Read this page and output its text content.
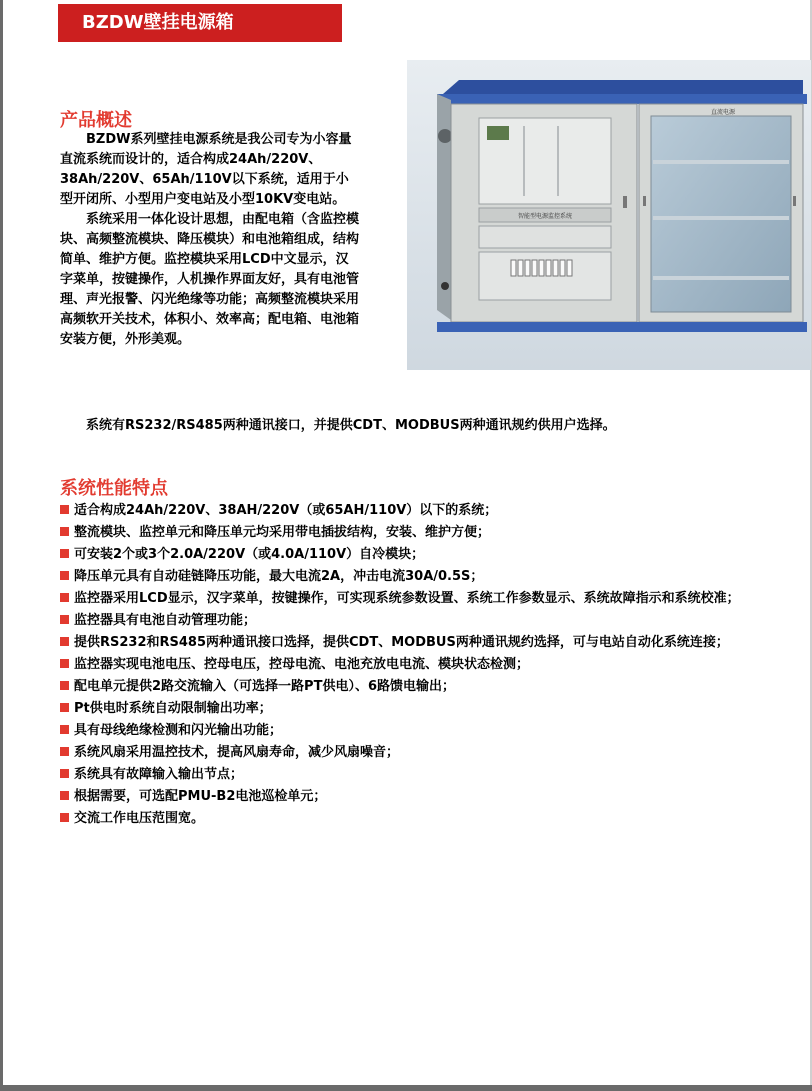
BZDW壁挂电源箱
产品概述

BZDW系列壁挂电源系统是我公司专为小容量直流系统而设计的，适合构成24Ah/220V、38Ah/220V、65Ah/110V以下系统，适用于小型开闭所、小型用户变电站及小型10KV变电站。

系统采用一体化设计思想，由配电箱（含监控模块、高频整流模块、降压模块）和电池箱组成，结构简单、维护方便。监控模块采用LCD中文显示，汉字菜单，按键操作，人机操作界面友好，具有电池管理、声光报警、闪光绝缘等功能；高频整流模块采用高频软开关技术，体积小、效率高；配电箱、电池箱安装方便，外形美观。

系统有RS232/RS485两种通讯接口，并提供CDT、MODBUS两种通讯规约供用户选择。
智能型电源监控系统
直流电源
系统性能特点
适合构成24Ah/220V、38AH/220V（或65AH/110V）以下的系统；
整流模块、监控单元和降压单元均采用带电插拔结构，安装、维护方便；
可安装2个或3个2.0A/220V（或4.0A/110V）自冷模块；
降压单元具有自动硅链降压功能，最大电流2A，冲击电流30A/0.5S；
监控器采用LCD显示，汉字菜单，按键操作，可实现系统参数设置、系统工作参数显示、系统故障指示和系统校准；
监控器具有电池自动管理功能；
提供RS232和RS485两种通讯接口选择，提供CDT、MODBUS两种通讯规约选择，可与电站自动化系统连接；
监控器实现电池电压、控母电压，控母电流、电池充放电电流、模块状态检测；
配电单元提供2路交流输入（可选择一路PT供电）、6路馈电输出；
Pt供电时系统自动限制输出功率；
具有母线绝缘检测和闪光输出功能；
系统风扇采用温控技术，提高风扇寿命，减少风扇噪音；
系统具有故障输入输出节点；
根据需要，可选配PMU-B2电池巡检单元；
交流工作电压范围宽。
